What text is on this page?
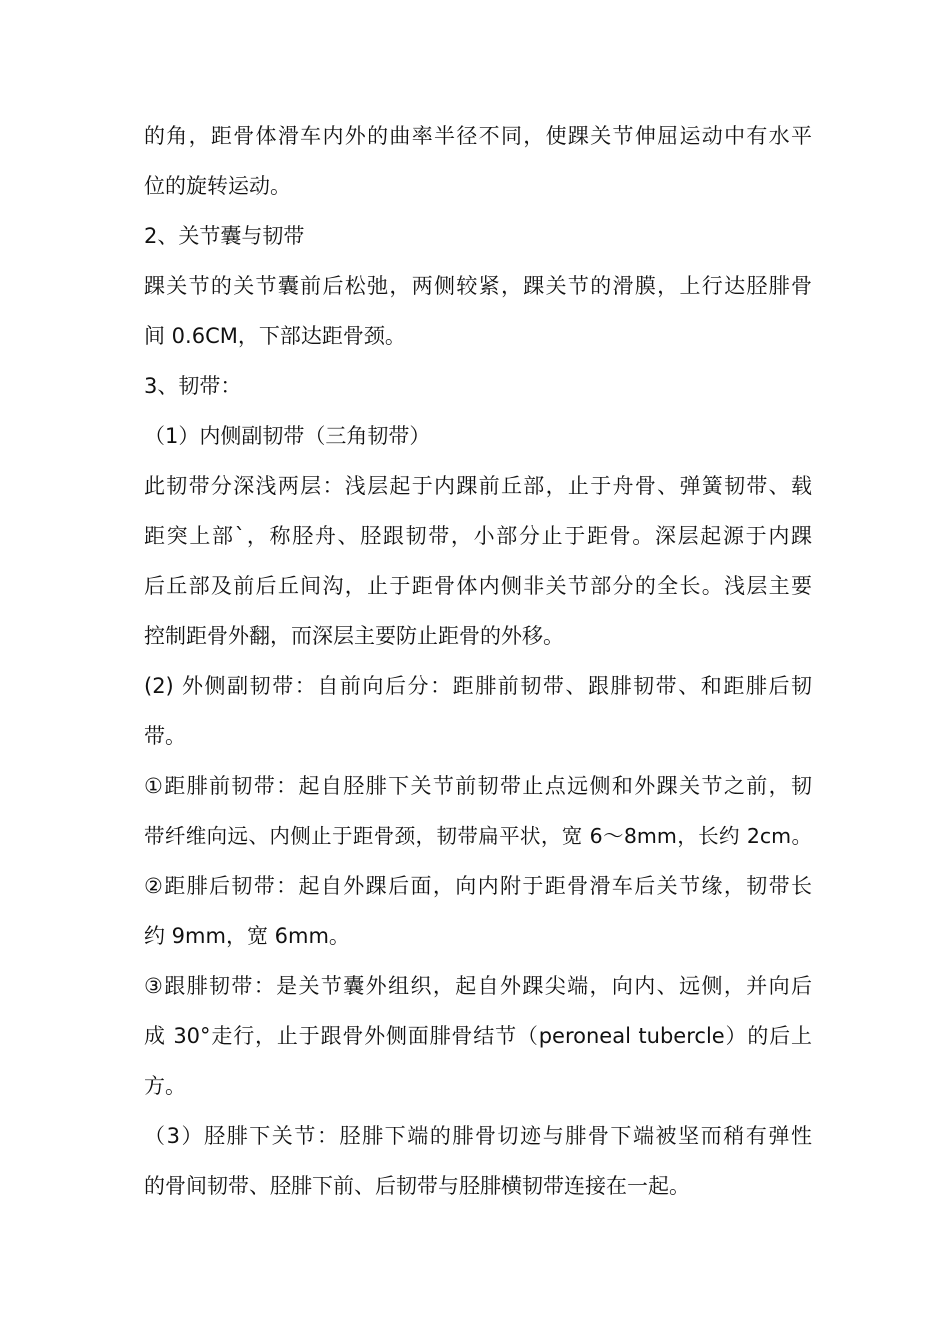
的角，距骨体滑车内外的曲率半径不同，使踝关节伸屈运动中有水平

位的旋转运动。

2、关节囊与韧带

踝关节的关节囊前后松弛，两侧较紧，踝关节的滑膜，上行达胫腓骨

间 0.6CM，下部达距骨颈。

3、韧带：

（1）内侧副韧带（三角韧带）

此韧带分深浅两层：浅层起于内踝前丘部，止于舟骨、弹簧韧带、载

距突上部`，称胫舟、胫跟韧带，小部分止于距骨。深层起源于内踝

后丘部及前后丘间沟，止于距骨体内侧非关节部分的全长。浅层主要

控制距骨外翻，而深层主要防止距骨的外移。

(2) 外侧副韧带：自前向后分：距腓前韧带、跟腓韧带、和距腓后韧

带。

①距腓前韧带：起自胫腓下关节前韧带止点远侧和外踝关节之前，韧

带纤维向远、内侧止于距骨颈，韧带扁平状，宽 6～8mm，长约 2cm。

②距腓后韧带：起自外踝后面，向内附于距骨滑车后关节缘，韧带长

约 9mm，宽 6mm。

③跟腓韧带：是关节囊外组织，起自外踝尖端，向内、远侧，并向后

成 30°走行，止于跟骨外侧面腓骨结节（peroneal tubercle）的后上

方。

（3）胫腓下关节：胫腓下端的腓骨切迹与腓骨下端被坚而稍有弹性

的骨间韧带、胫腓下前、后韧带与胫腓横韧带连接在一起。
